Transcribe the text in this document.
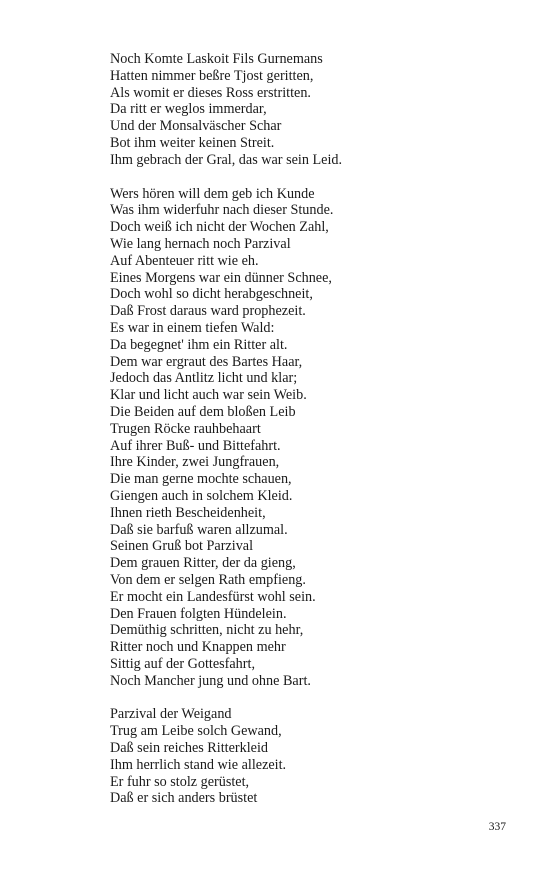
Noch Komte Laskoit Fils Gurnemans
Hatten nimmer beßre Tjost geritten,
Als womit er dieses Ross erstritten.
Da ritt er weglos immerdar,
Und der Monsalväscher Schar
Bot ihm weiter keinen Streit.
Ihm gebrach der Gral, das war sein Leid.
Wers hören will dem geb ich Kunde
Was ihm widerfuhr nach dieser Stunde.
Doch weiß ich nicht der Wochen Zahl,
Wie lang hernach noch Parzival
Auf Abenteuer ritt wie eh.
Eines Morgens war ein dünner Schnee,
Doch wohl so dicht herabgeschneit,
Daß Frost daraus ward prophezeit.
Es war in einem tiefen Wald:
Da begegnet' ihm ein Ritter alt.
Dem war ergraut des Bartes Haar,
Jedoch das Antlitz licht und klar;
Klar und licht auch war sein Weib.
Die Beiden auf dem bloßen Leib
Trugen Röcke rauhbehaart
Auf ihrer Buß- und Bittefahrt.
Ihre Kinder, zwei Jungfrauen,
Die man gerne mochte schauen,
Giengen auch in solchem Kleid.
Ihnen rieth Bescheidenheit,
Daß sie barfuß waren allzumal.
Seinen Gruß bot Parzival
Dem grauen Ritter, der da gieng,
Von dem er selgen Rath empfieng.
Er mocht ein Landesfürst wohl sein.
Den Frauen folgten Hündelein.
Demüthig schritten, nicht zu hehr,
Ritter noch und Knappen mehr
Sittig auf der Gottesfahrt,
Noch Mancher jung und ohne Bart.
Parzival der Weigand
Trug am Leibe solch Gewand,
Daß sein reiches Ritterkleid
Ihm herrlich stand wie allezeit.
Er fuhr so stolz gerüstet,
Daß er sich anders brüstet
337
